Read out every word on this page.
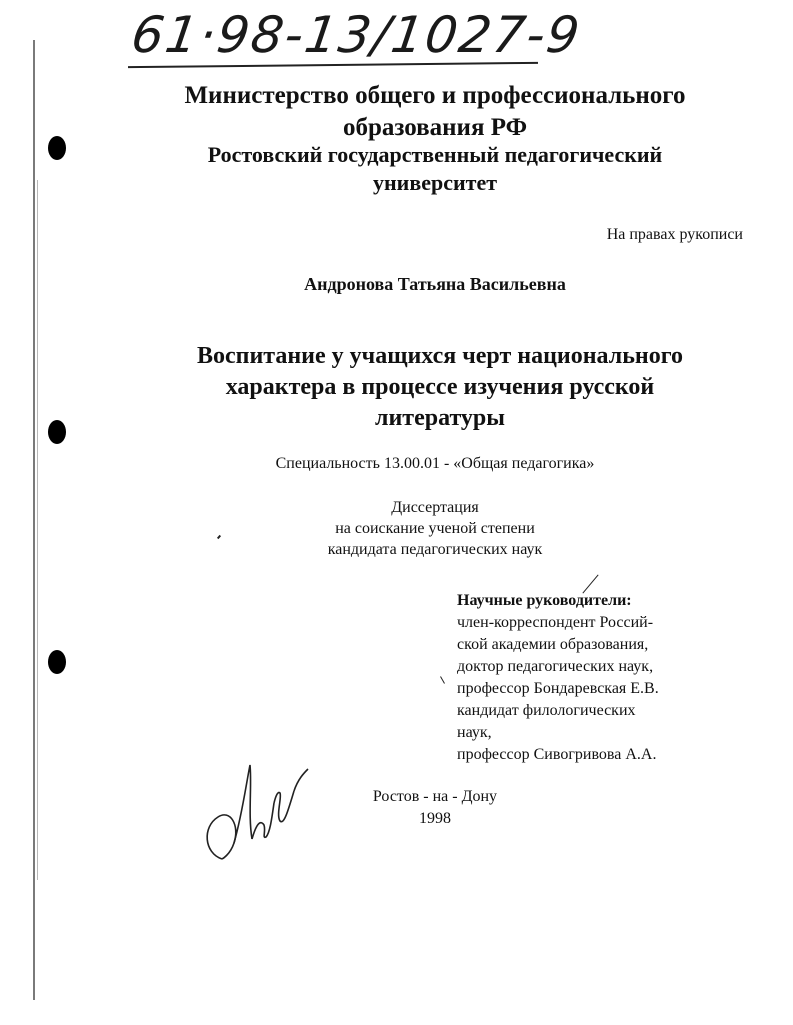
61·98-13/1027-9
Министерство общего и профессионального
образования РФ
Ростовский государственный педагогический
университет
На правах рукописи
Андронова Татьяна Васильевна
Воспитание у учащихся черт национального
характера в процессе изучения русской
литературы
Специальность 13.00.01 - «Общая педагогика»
Диссертация
на соискание ученой степени
кандидата педагогических наук
Научные руководители:
член-корреспондент Россий-
ской академии образования,
доктор педагогических наук,
профессор Бондаревская Е.В.
кандидат филологических
наук,
профессор Сивогривова А.А.
Ростов - на - Дону
1998
